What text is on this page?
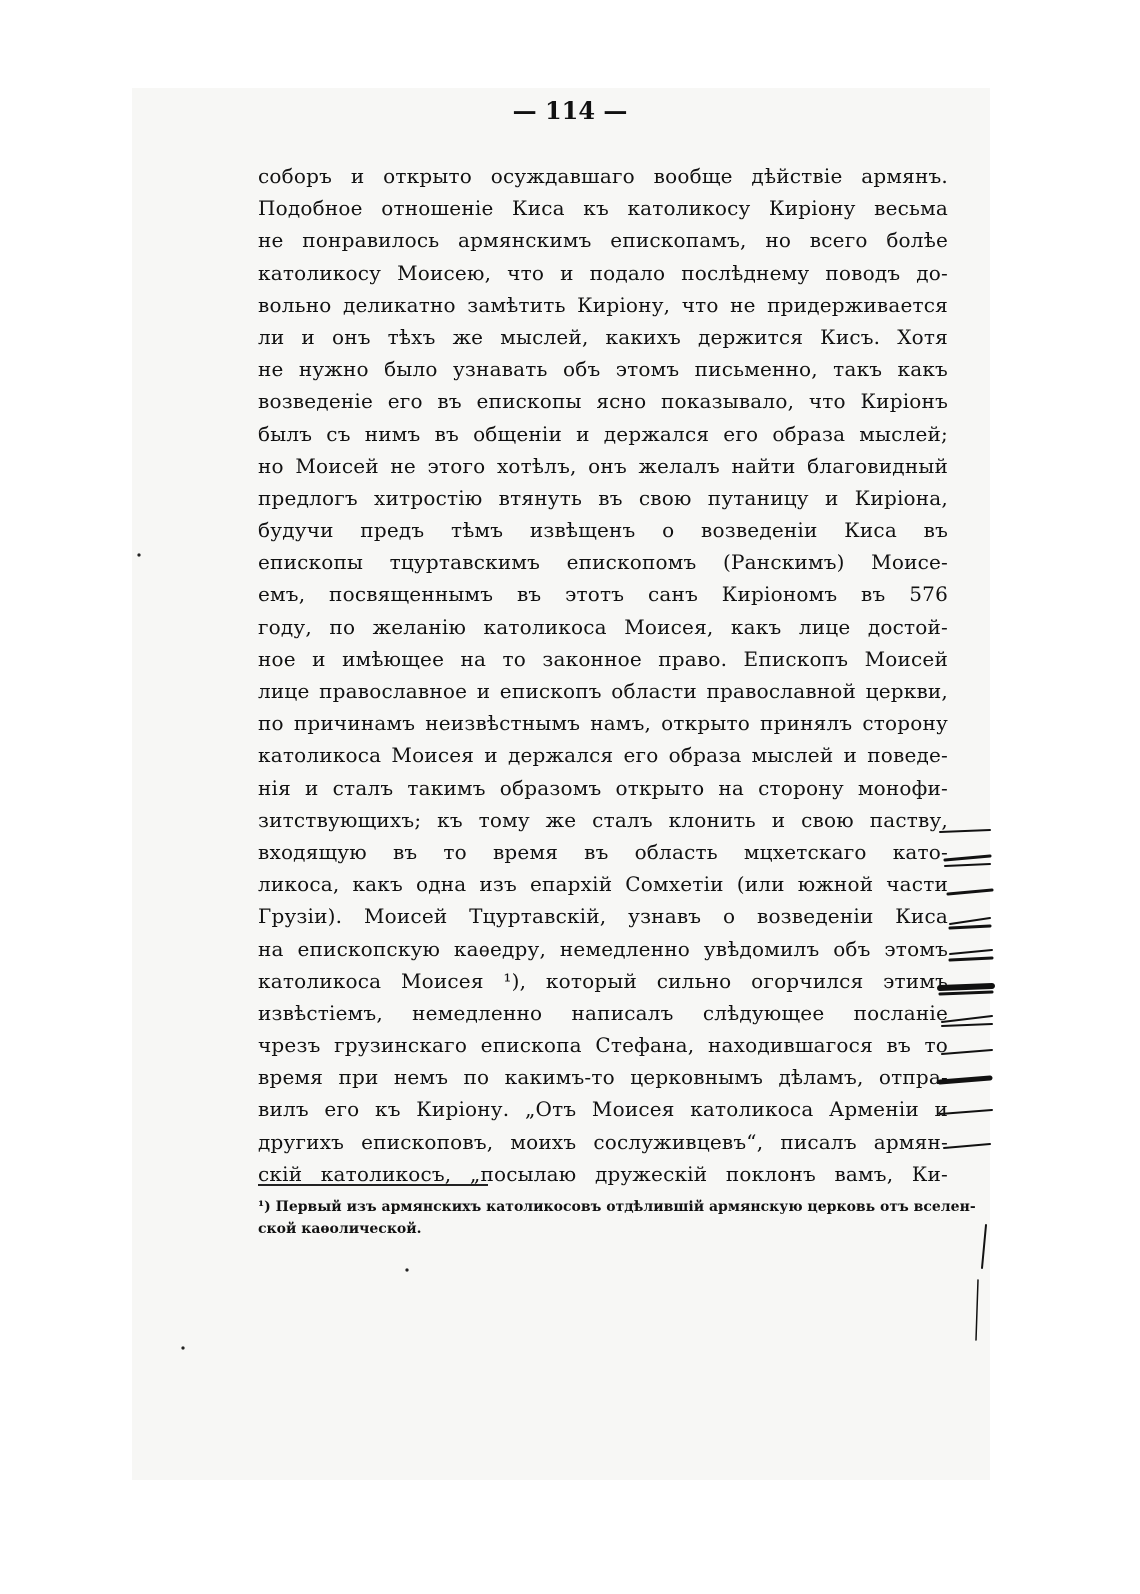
— 114 —
соборъ и открыто осуждавшаго вообще дѣйствіе армянъ.
Подобное отношеніе Киса къ католикосу Киріону весьма
не понравилось армянскимъ епископамъ, но всего болѣе
католикосу Моисею, что и подало послѣднему поводъ до-
вольно деликатно замѣтить Киріону, что не придерживается
ли и онъ тѣхъ же мыслей, какихъ держится Кисъ. Хотя
не нужно было узнавать объ этомъ письменно, такъ какъ
возведеніе его въ епископы ясно показывало, что Киріонъ
былъ съ нимъ въ общеніи и держался его образа мыслей;
но Моисей не этого хотѣлъ, онъ желалъ найти благовидный
предлогъ хитростію втянуть въ свою путаницу и Киріона,
будучи предъ тѣмъ извѣщенъ о возведеніи Киса въ
епископы тцуртавскимъ епископомъ (Ранскимъ) Моисе-
емъ, посвященнымъ въ этотъ санъ Киріономъ въ 576
году, по желанію католикоса Моисея, какъ лице достой-
ное и имѣющее на то законное право. Епископъ Моисей
лице православное и епископъ области православной церкви,
по причинамъ неизвѣстнымъ намъ, открыто принялъ сторону
католикоса Моисея и держался его образа мыслей и поведе-
нія и сталъ такимъ образомъ открыто на сторону монофи-
зитствующихъ; къ тому же сталъ клонить и свою паству,
входящую въ то время въ область мцхетскаго като-
ликоса, какъ одна изъ епархій Сомхетіи (или южной части
Грузіи). Моисей Тцуртавскій, узнавъ о возведеніи Киса
на епископскую каѳедру, немедленно увѣдомилъ объ этомъ
католикоса Моисея ¹), который сильно огорчился этимъ
извѣстіемъ, немедленно написалъ слѣдующее посланіе
чрезъ грузинскаго епископа Стефана, находившагося въ то
время при немъ по какимъ-то церковнымъ дѣламъ, отпра-
вилъ его къ Киріону. „Отъ Моисея католикоса Арменіи и
другихъ епископовъ, моихъ сослуживцевъ“, писалъ армян-
скій католикосъ, „посылаю дружескій поклонъ вамъ, Ки-
¹) Первый изъ армянскихъ католикосовъ отдѣлившій армянскую церковь отъ вселен-
ской каѳолической.
